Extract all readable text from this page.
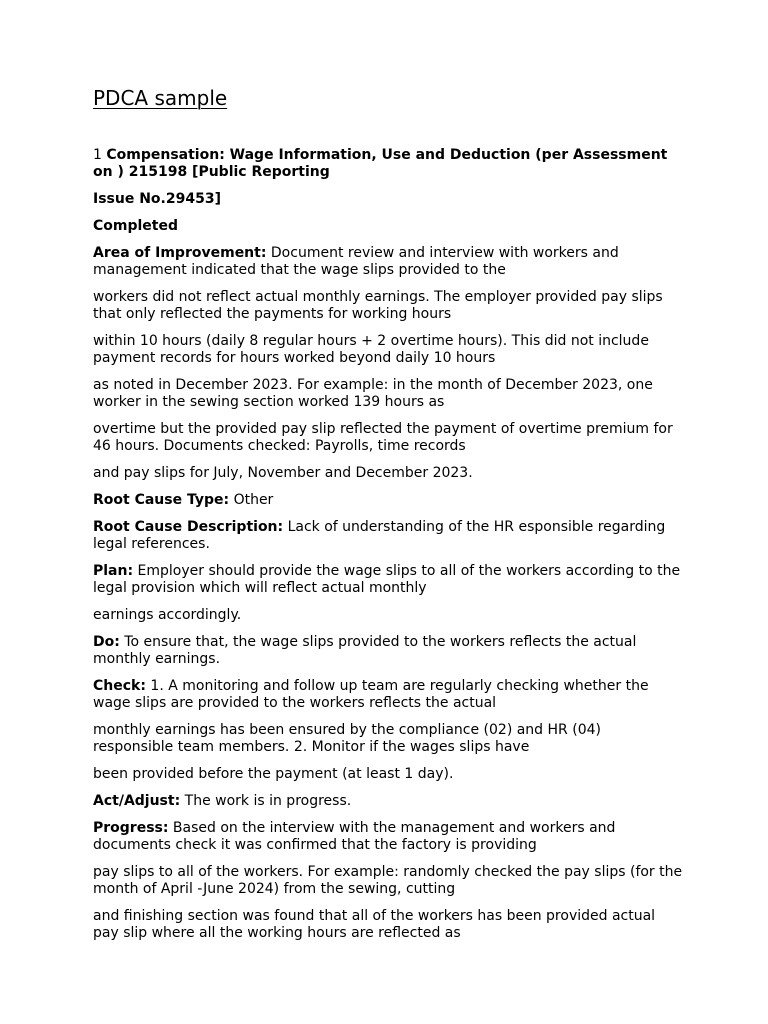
PDCA sample

1 Compensation: Wage Information, Use and Deduction (per Assessment on ) 215198 [Public Reporting

Issue No.29453]

Completed

Area of Improvement: Document review and interview with workers and management indicated that the wage slips provided to the

workers did not reflect actual monthly earnings. The employer provided pay slips that only reflected the payments for working hours

within 10 hours (daily 8 regular hours + 2 overtime hours). This did not include payment records for hours worked beyond daily 10 hours

as noted in December 2023. For example: in the month of December 2023, one worker in the sewing section worked 139 hours as

overtime but the provided pay slip reflected the payment of overtime premium for 46 hours. Documents checked: Payrolls, time records

and pay slips for July, November and December 2023.

Root Cause Type: Other

Root Cause Description: Lack of understanding of the HR esponsible regarding legal references.

Plan: Employer should provide the wage slips to all of the workers according to the legal provision which will reflect actual monthly

earnings accordingly.

Do: To ensure that, the wage slips provided to the workers reflects the actual monthly earnings.

Check: 1. A monitoring and follow up team are regularly checking whether the wage slips are provided to the workers reflects the actual

monthly earnings has been ensured by the compliance (02) and HR (04) responsible team members. 2. Monitor if the wages slips have

been provided before the payment (at least 1 day).

Act/Adjust: The work is in progress.

Progress: Based on the interview with the management and workers and documents check it was confirmed that the factory is providing

pay slips to all of the workers. For example: randomly checked the pay slips (for the month of April -June 2024) from the sewing, cutting

and finishing section was found that all of the workers has been provided actual pay slip where all the working hours are reflected as
